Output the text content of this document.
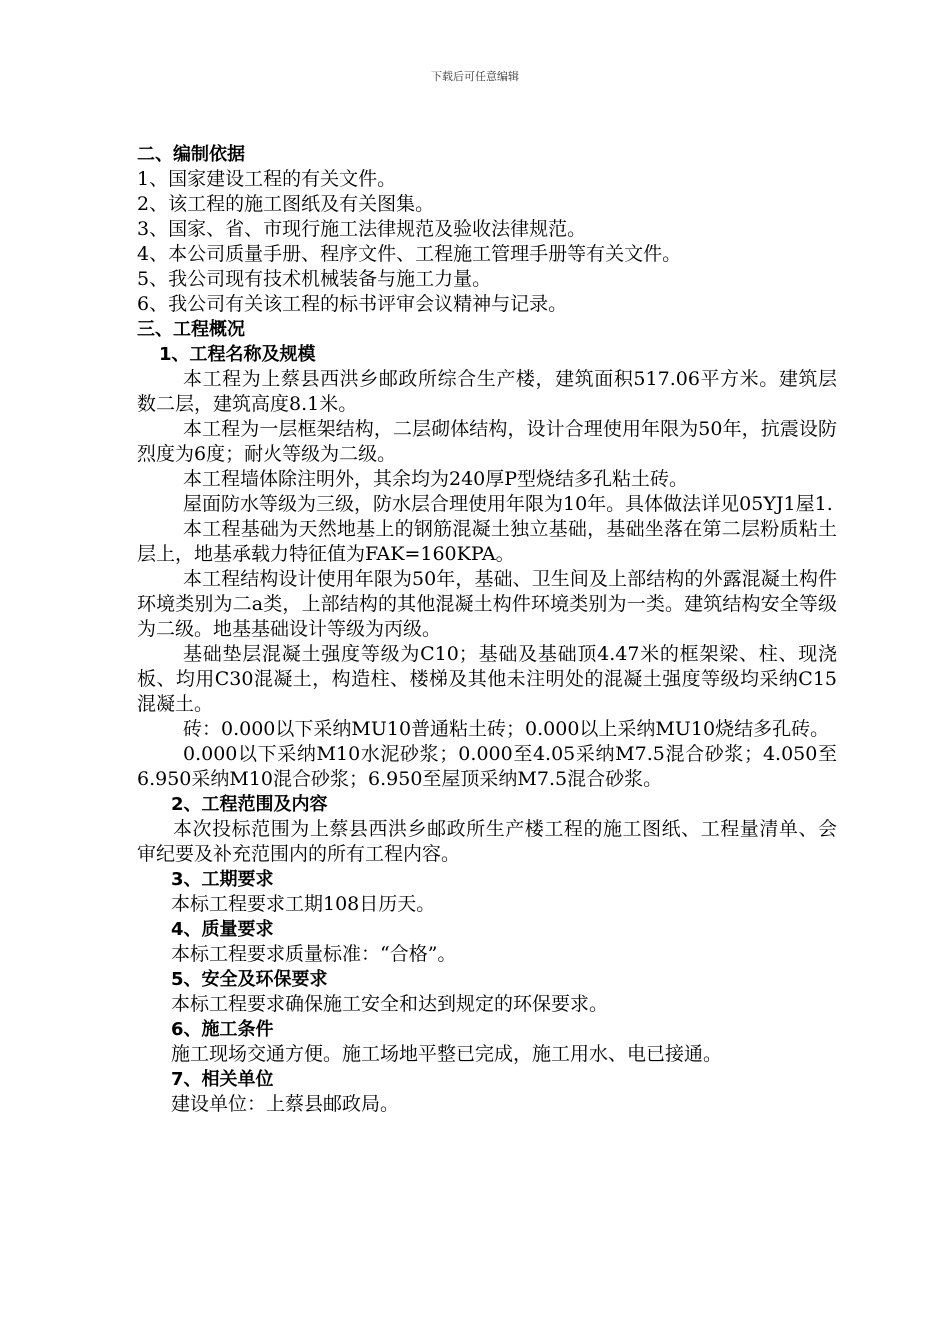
下载后可任意编辑

二、编制依据

1、国家建设工程的有关文件。

2、该工程的施工图纸及有关图集。

3、国家、省、市现行施工法律规范及验收法律规范。

4、本公司质量手册、程序文件、工程施工管理手册等有关文件。

5、我公司现有技术机械装备与施工力量。

6、我公司有关该工程的标书评审会议精神与记录。

三、工程概况

1、工程名称及规模

本工程为上蔡县西洪乡邮政所综合生产楼，建筑面积517.06平方米。建筑层数二层，建筑高度8.1米。

本工程为一层框架结构，二层砌体结构，设计合理使用年限为50年，抗震设防烈度为6度；耐火等级为二级。

本工程墙体除注明外，其余均为240厚P型烧结多孔粘土砖。

屋面防水等级为三级，防水层合理使用年限为10年。具体做法详见05YJ1屋1.

本工程基础为天然地基上的钢筋混凝土独立基础，基础坐落在第二层粉质粘土层上，地基承载力特征值为FAK=160KPA。

本工程结构设计使用年限为50年，基础、卫生间及上部结构的外露混凝土构件环境类别为二a类，上部结构的其他混凝土构件环境类别为一类。建筑结构安全等级为二级。地基基础设计等级为丙级。

基础垫层混凝土强度等级为C10；基础及基础顶4.47米的框架梁、柱、现浇板、均用C30混凝土，构造柱、楼梯及其他未注明处的混凝土强度等级均采纳C15混凝土。

砖：0.000以下采纳MU10普通粘土砖；0.000以上采纳MU10烧结多孔砖。

0.000以下采纳M10水泥砂浆；0.000至4.05采纳M7.5混合砂浆；4.050至6.950采纳M10混合砂浆；6.950至屋顶采纳M7.5混合砂浆。

2、工程范围及内容

本次投标范围为上蔡县西洪乡邮政所生产楼工程的施工图纸、工程量清单、会审纪要及补充范围内的所有工程内容。

3、工期要求

本标工程要求工期108日历天。

4、质量要求

本标工程要求质量标准：“合格”。

5、安全及环保要求

本标工程要求确保施工安全和达到规定的环保要求。

6、施工条件

施工现场交通方便。施工场地平整已完成，施工用水、电已接通。

7、相关单位

建设单位：上蔡县邮政局。
